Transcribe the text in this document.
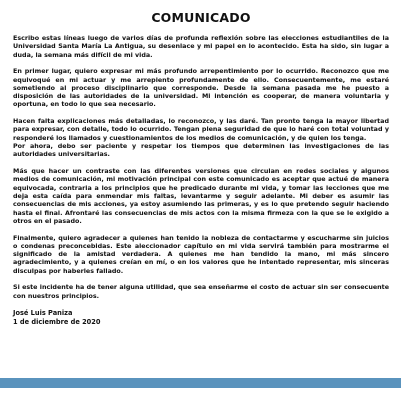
COMUNICADO
Escribo estas líneas luego de varios días de profunda reflexión sobre las elecciones estudiantiles de la Universidad Santa María La Antigua, su desenlace y mi papel en lo acontecido. Esta ha sido, sin lugar a duda, la semana más difícil de mi vida.
En primer lugar, quiero expresar mi más profundo arrepentimiento por lo ocurrido. Reconozco que me equivoqué en mi actuar y me arrepiento profundamente de ello. Consecuentemente, me estaré sometiendo al proceso disciplinario que corresponde. Desde la semana pasada me he puesto a disposición de las autoridades de la universidad. Mi intención es cooperar, de manera voluntaria y oportuna, en todo lo que sea necesario.
Hacen falta explicaciones más detalladas, lo reconozco, y las daré. Tan pronto tenga la mayor libertad para expresar, con detalle, todo lo ocurrido. Tengan plena seguridad de que lo haré con total voluntad y responderé los llamados y cuestionamientos de los medios de comunicación, y de quien los tenga.
Por ahora, debo ser paciente y respetar los tiempos que determinen las investigaciones de las autoridades universitarias.
Más que hacer un contraste con las diferentes versiones que circulan en redes sociales y algunos medios de comunicación, mi motivación principal con este comunicado es aceptar que actué de manera equivocada, contraria a los principios que he predicado durante mi vida, y tomar las lecciones que me deja esta caída para enmendar mis faltas, levantarme y seguir adelante. Mi deber es asumir las consecuencias de mis acciones, ya estoy asumiendo las primeras, y es lo que pretendo seguir haciendo hasta el final. Afrontaré las consecuencias de mis actos con la misma firmeza con la que se le exigido a otros en el pasado.
Finalmente, quiero agradecer a quienes han tenido la nobleza de contactarme y escucharme sin juicios o condenas preconcebidas. Este aleccionador capítulo en mi vida servirá también para mostrarme el significado de la amistad verdadera. A quienes me han tendido la mano, mi más sincero agradecimiento, y a quienes creían en mí, o en los valores que he intentado representar, mis sinceras disculpas por haberles fallado.
Si este incidente ha de tener alguna utilidad, que sea enseñarme el costo de actuar sin ser consecuente con nuestros principios.
José Luis Paniza
1 de diciembre de 2020
